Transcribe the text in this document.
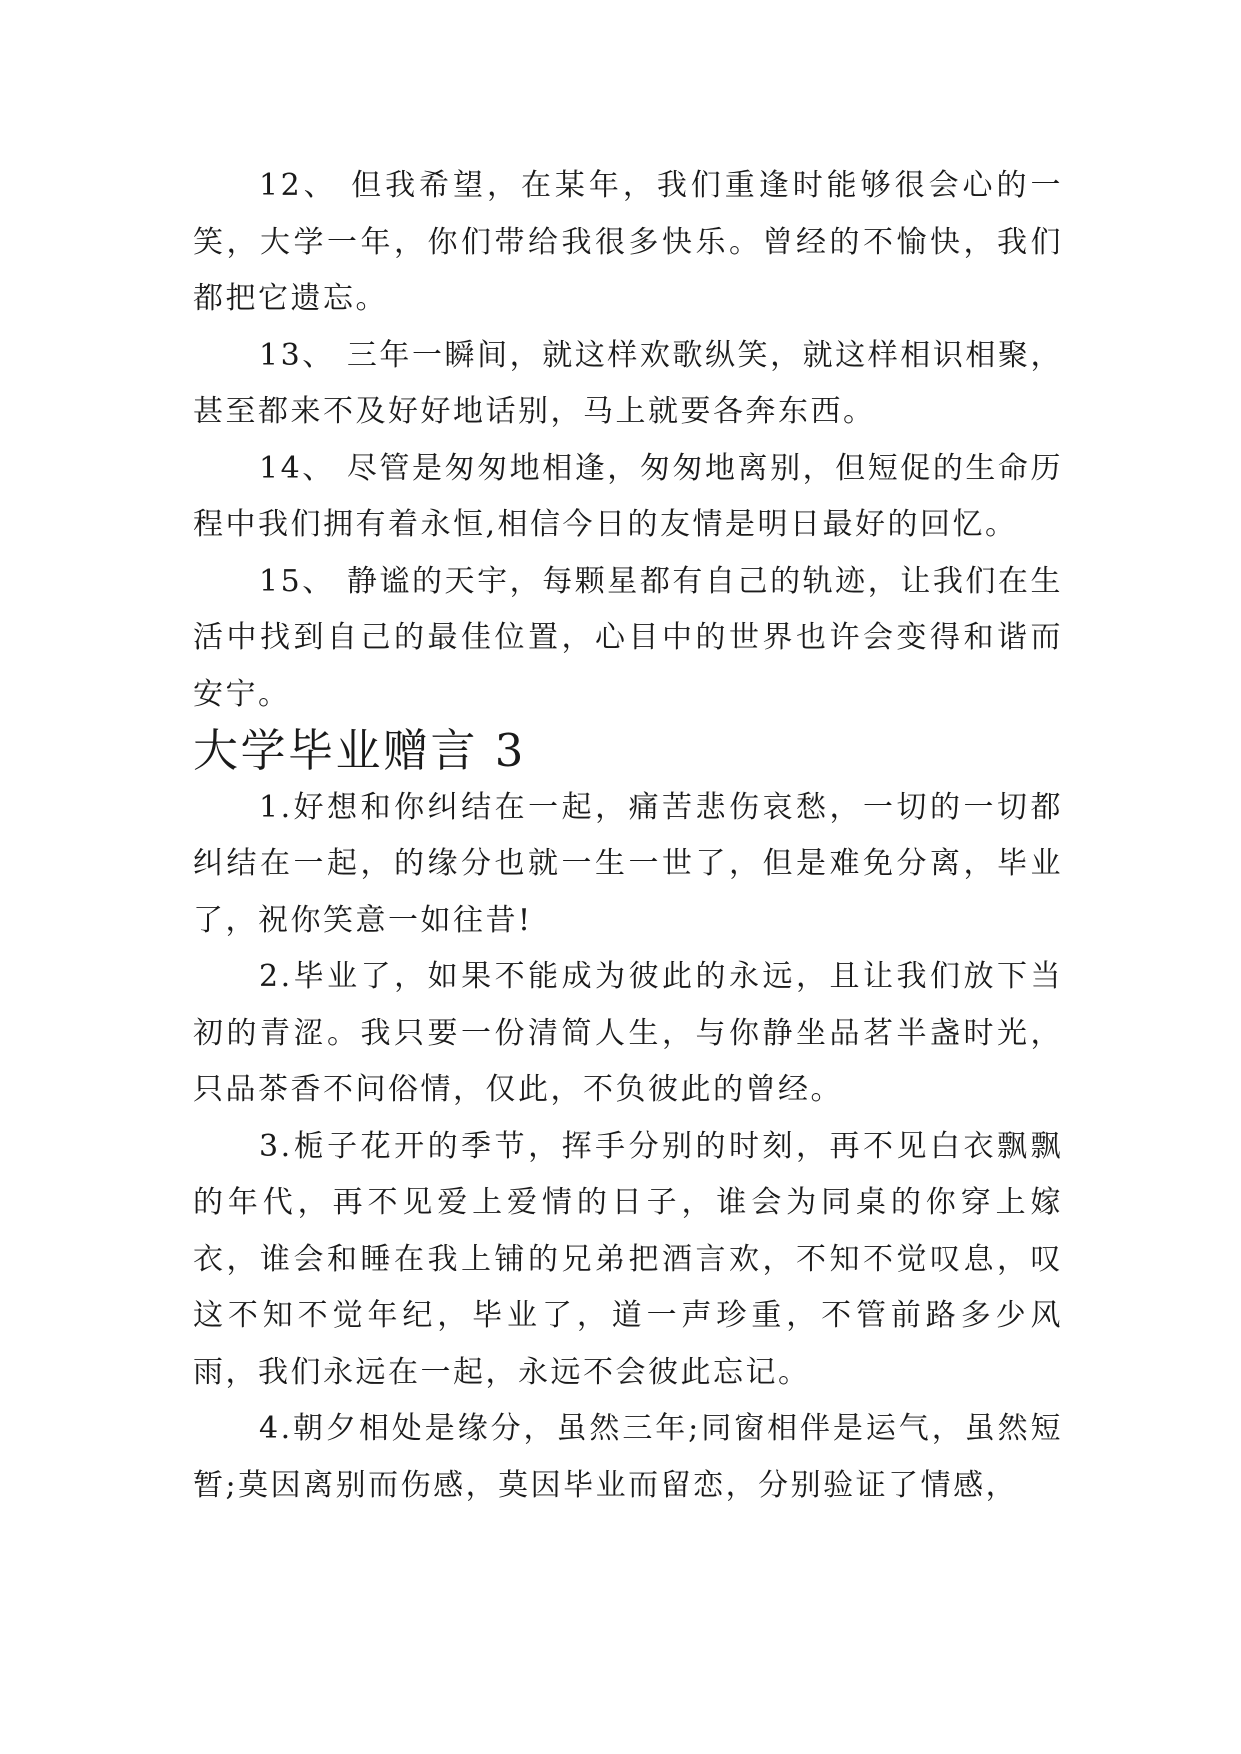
12、 但我希望，在某年，我们重逢时能够很会心的一笑，大学一年，你们带给我很多快乐。曾经的不愉快，我们都把它遗忘。

13、 三年一瞬间，就这样欢歌纵笑，就这样相识相聚，甚至都来不及好好地话别，马上就要各奔东西。

14、 尽管是匆匆地相逢，匆匆地离别，但短促的生命历程中我们拥有着永恒,相信今日的友情是明日最好的回忆。

15、 静谧的天宇，每颗星都有自己的轨迹，让我们在生活中找到自己的最佳位置，心目中的世界也许会变得和谐而安宁。

大学毕业赠言 3

1.好想和你纠结在一起，痛苦悲伤哀愁，一切的一切都纠结在一起，的缘分也就一生一世了，但是难免分离，毕业了，祝你笑意一如往昔!

2.毕业了，如果不能成为彼此的永远，且让我们放下当初的青涩。我只要一份清简人生，与你静坐品茗半盏时光，只品茶香不问俗情，仅此，不负彼此的曾经。

3.栀子花开的季节，挥手分别的时刻，再不见白衣飘飘的年代，再不见爱上爱情的日子，谁会为同桌的你穿上嫁衣，谁会和睡在我上铺的兄弟把酒言欢，不知不觉叹息，叹这不知不觉年纪，毕业了，道一声珍重，不管前路多少风雨，我们永远在一起，永远不会彼此忘记。

4.朝夕相处是缘分，虽然三年;同窗相伴是运气，虽然短暂;莫因离别而伤感，莫因毕业而留恋，分别验证了情感，
